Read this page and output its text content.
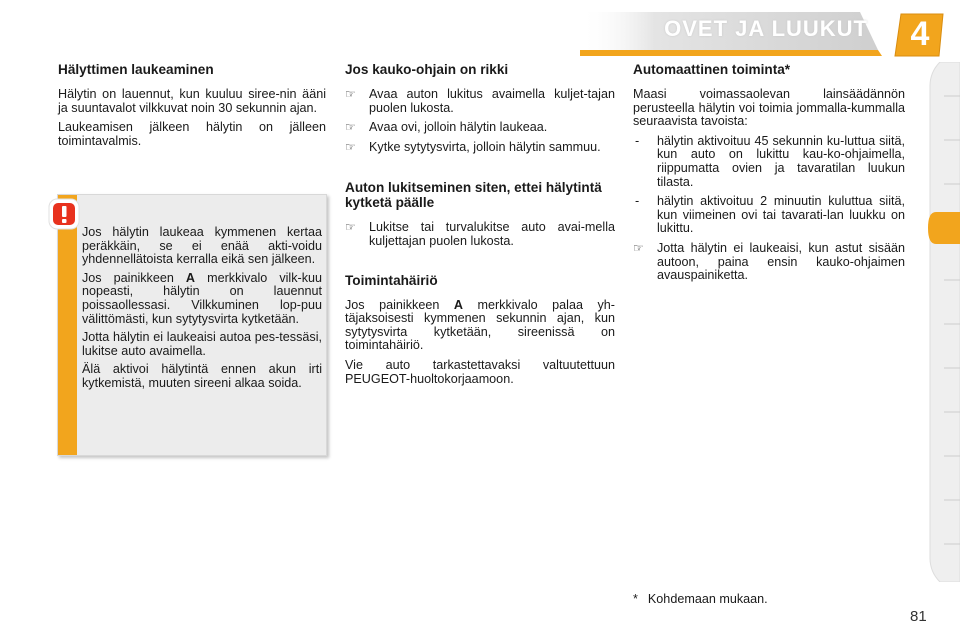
OVET JA LUUKUT	4
Hälyttimen laukeaminen

Hälytin on lauennut, kun kuuluu siree-nin ääni ja suuntavalot vilkkuvat noin 30 sekunnin ajan.

Laukeamisen jälkeen hälytin on jälleen toimintavalmis.

Jos hälytin laukeaa kymmenen kertaa peräkkäin, se ei enää akti-voidu yhdennellätoista kerralla eikä sen jälkeen.

Jos painikkeen A merkkivalo vilk-kuu nopeasti, hälytin on lauennut poissaollessasi. Vilkkuminen lop-puu välittömästi, kun sytytysvirta kytketään.

Jotta hälytin ei laukeaisi autoa pes-tessäsi, lukitse auto avaimella.

Älä aktivoi hälytintä ennen akun irti kytkemistä, muuten sireeni alkaa soida.

Jos kauko-ohjain on rikki
☞	Avaa auton lukitus avaimella kuljet-tajan puolen lukosta.
☞	Avaa ovi, jolloin hälytin laukeaa.
☞	Kytke sytytysvirta, jolloin hälytin sammuu.
Auton lukitseminen siten, ettei hälytintä kytketä päälle
☞	Lukitse tai turvalukitse auto avai-mella kuljettajan puolen lukosta.
Toimintahäiriö

Jos painikkeen A merkkivalo palaa yh-täjaksoisesti kymmenen sekunnin ajan, kun sytytysvirta kytketään, sireenissä on toimintahäiriö.

Vie auto tarkastettavaksi valtuutettuun PEUGEOT-huoltokorjaamoon.

Automaattinen toiminta*

Maasi voimassaolevan lainsäädännön perusteella hälytin voi toimia jommalla-kummalla seuraavista tavoista:

-	hälytin aktivoituu 45 sekunnin ku-luttua siitä, kun auto on lukittu kau-ko-ohjaimella, riippumatta ovien ja tavaratilan luukun tilasta.
-	hälytin aktivoituu 2 minuutin kuluttua siitä, kun viimeinen ovi tai tavarati-lan luukku on lukittu.
☞	Jotta hälytin ei laukeaisi, kun astut sisään autoon, paina ensin kauko-ohjaimen avauspainiketta.
* Kohdemaan mukaan.
81
